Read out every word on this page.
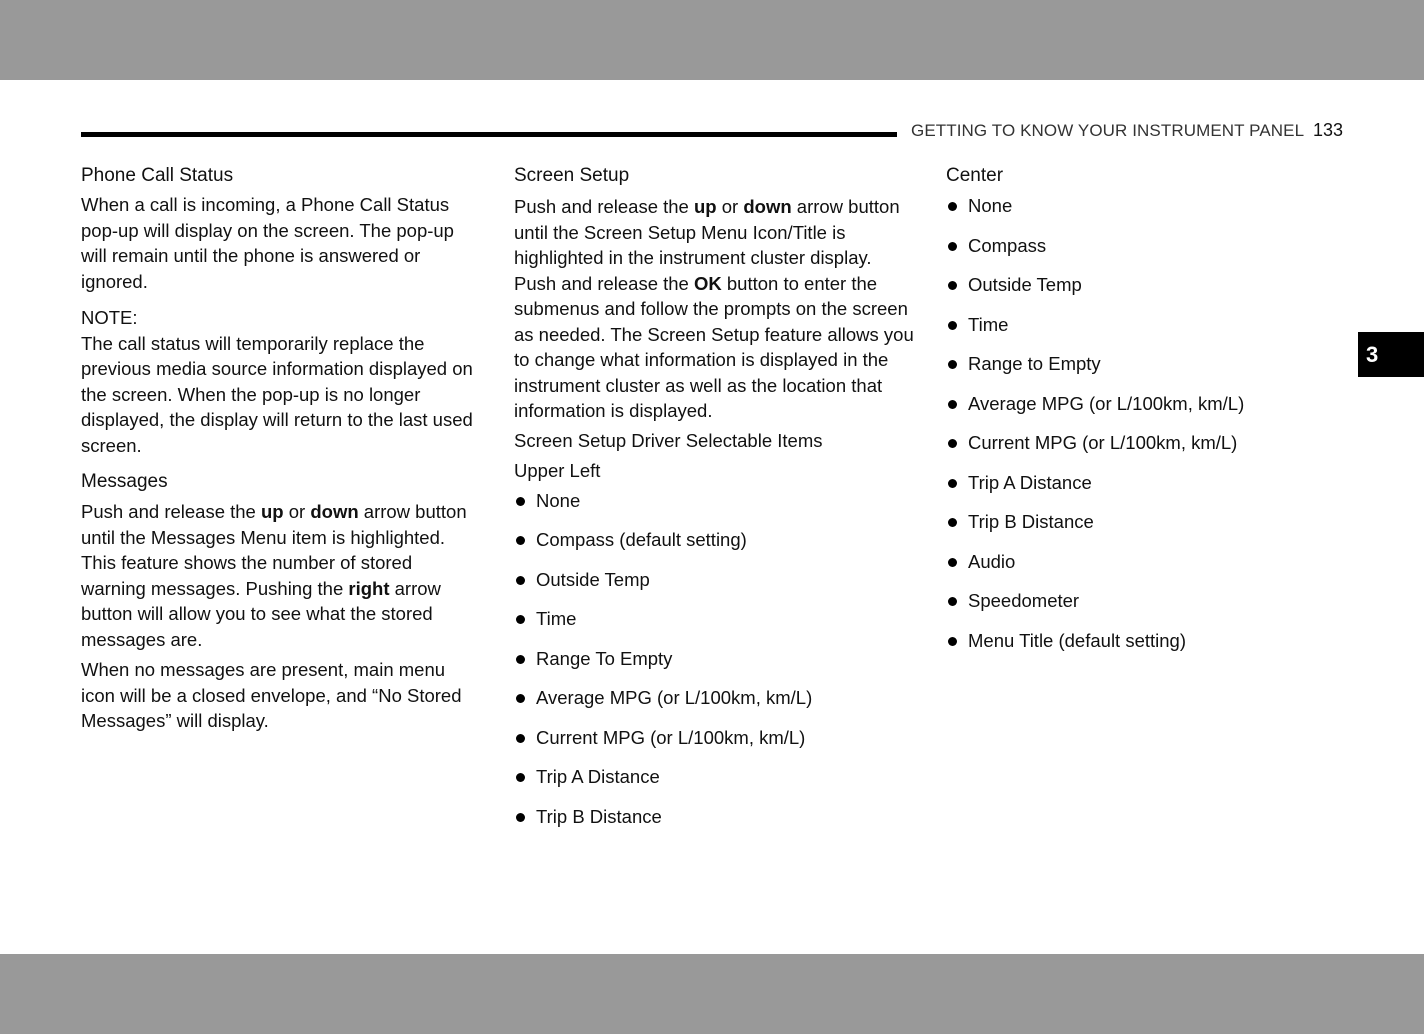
GETTING TO KNOW YOUR INSTRUMENT PANEL 133
3
Phone Call Status

When a call is incoming, a Phone Call Status pop-up will display on the screen. The pop-up will remain until the phone is answered or ignored.

NOTE:

The call status will temporarily replace the previous media source information displayed on the screen. When the pop-up is no longer displayed, the display will return to the last used screen.

Messages

Push and release the up or down arrow button until the Messages Menu item is highlighted. This feature shows the number of stored warning messages. Pushing the right arrow button will allow you to see what the stored messages are.

When no messages are present, main menu icon will be a closed envelope, and “No Stored Messages” will display.

Screen Setup

Push and release the up or down arrow button until the Screen Setup Menu Icon/Title is highlighted in the instrument cluster display. Push and release the OK button to enter the submenus and follow the prompts on the screen as needed. The Screen Setup feature allows you to change what information is displayed in the instrument cluster as well as the location that information is displayed.

Screen Setup Driver Selectable Items

Upper Left

None
Compass (default setting)
Outside Temp
Time
Range To Empty
Average MPG (or L/100km, km/L)
Current MPG (or L/100km, km/L)
Trip A Distance
Trip B Distance
Center
None
Compass
Outside Temp
Time
Range to Empty
Average MPG (or L/100km, km/L)
Current MPG (or L/100km, km/L)
Trip A Distance
Trip B Distance
Audio
Speedometer
Menu Title (default setting)
